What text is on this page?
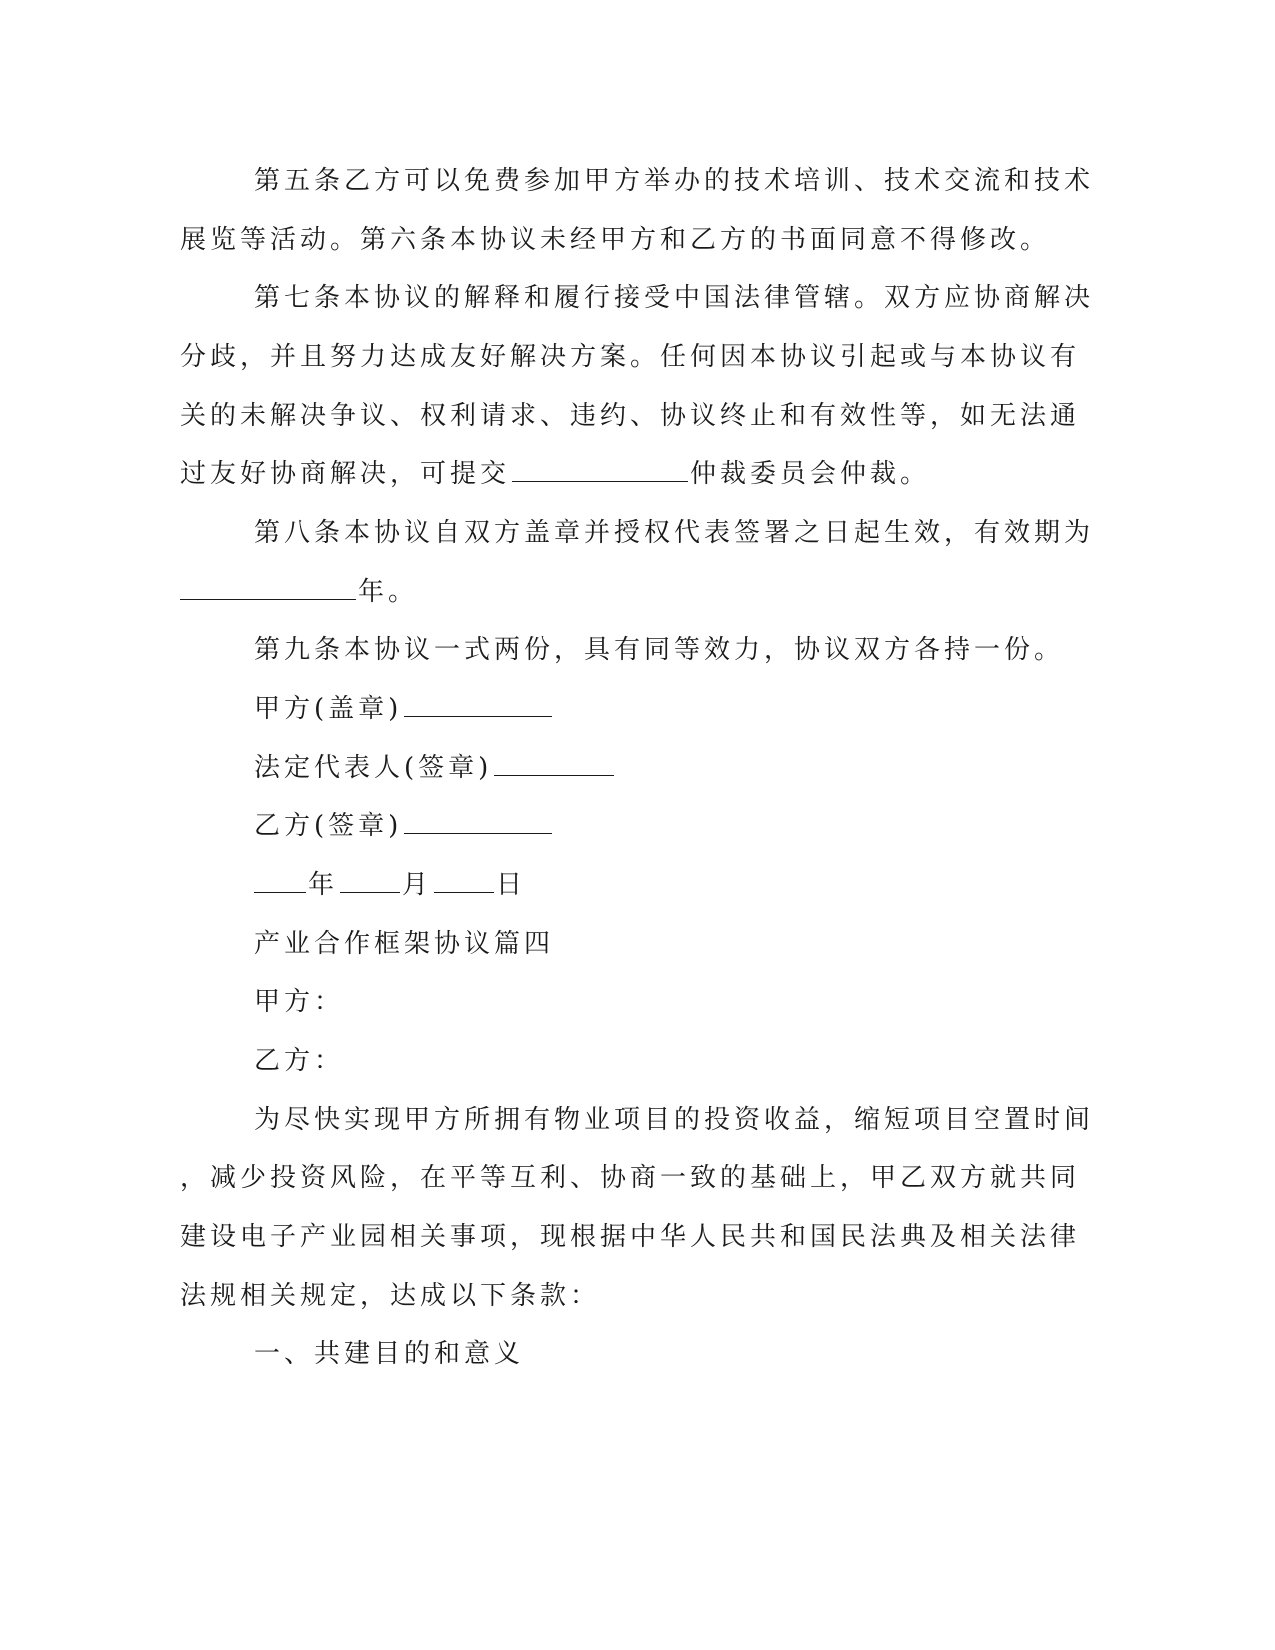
第五条乙方可以免费参加甲方举办的技术培训、技术交流和技术
展览等活动。第六条本协议未经甲方和乙方的书面同意不得修改。
第七条本协议的解释和履行接受中国法律管辖。双方应协商解决
分歧，并且努力达成友好解决方案。任何因本协议引起或与本协议有
关的未解决争议、权利请求、违约、协议终止和有效性等，如无法通
过友好协商解决，可提交	仲裁委员会仲裁。
第八条本协议自双方盖章并授权代表签署之日起生效，有效期为
年。
第九条本协议一式两份，具有同等效力，协议双方各持一份。
甲方(盖章)
法定代表人(签章)
乙方(签章)
年 月 日
产业合作框架协议篇四
甲方：
乙方：
为尽快实现甲方所拥有物业项目的投资收益，缩短项目空置时间
，减少投资风险，在平等互利、协商一致的基础上，甲乙双方就共同
建设电子产业园相关事项，现根据中华人民共和国民法典及相关法律
法规相关规定，达成以下条款：
一、共建目的和意义
